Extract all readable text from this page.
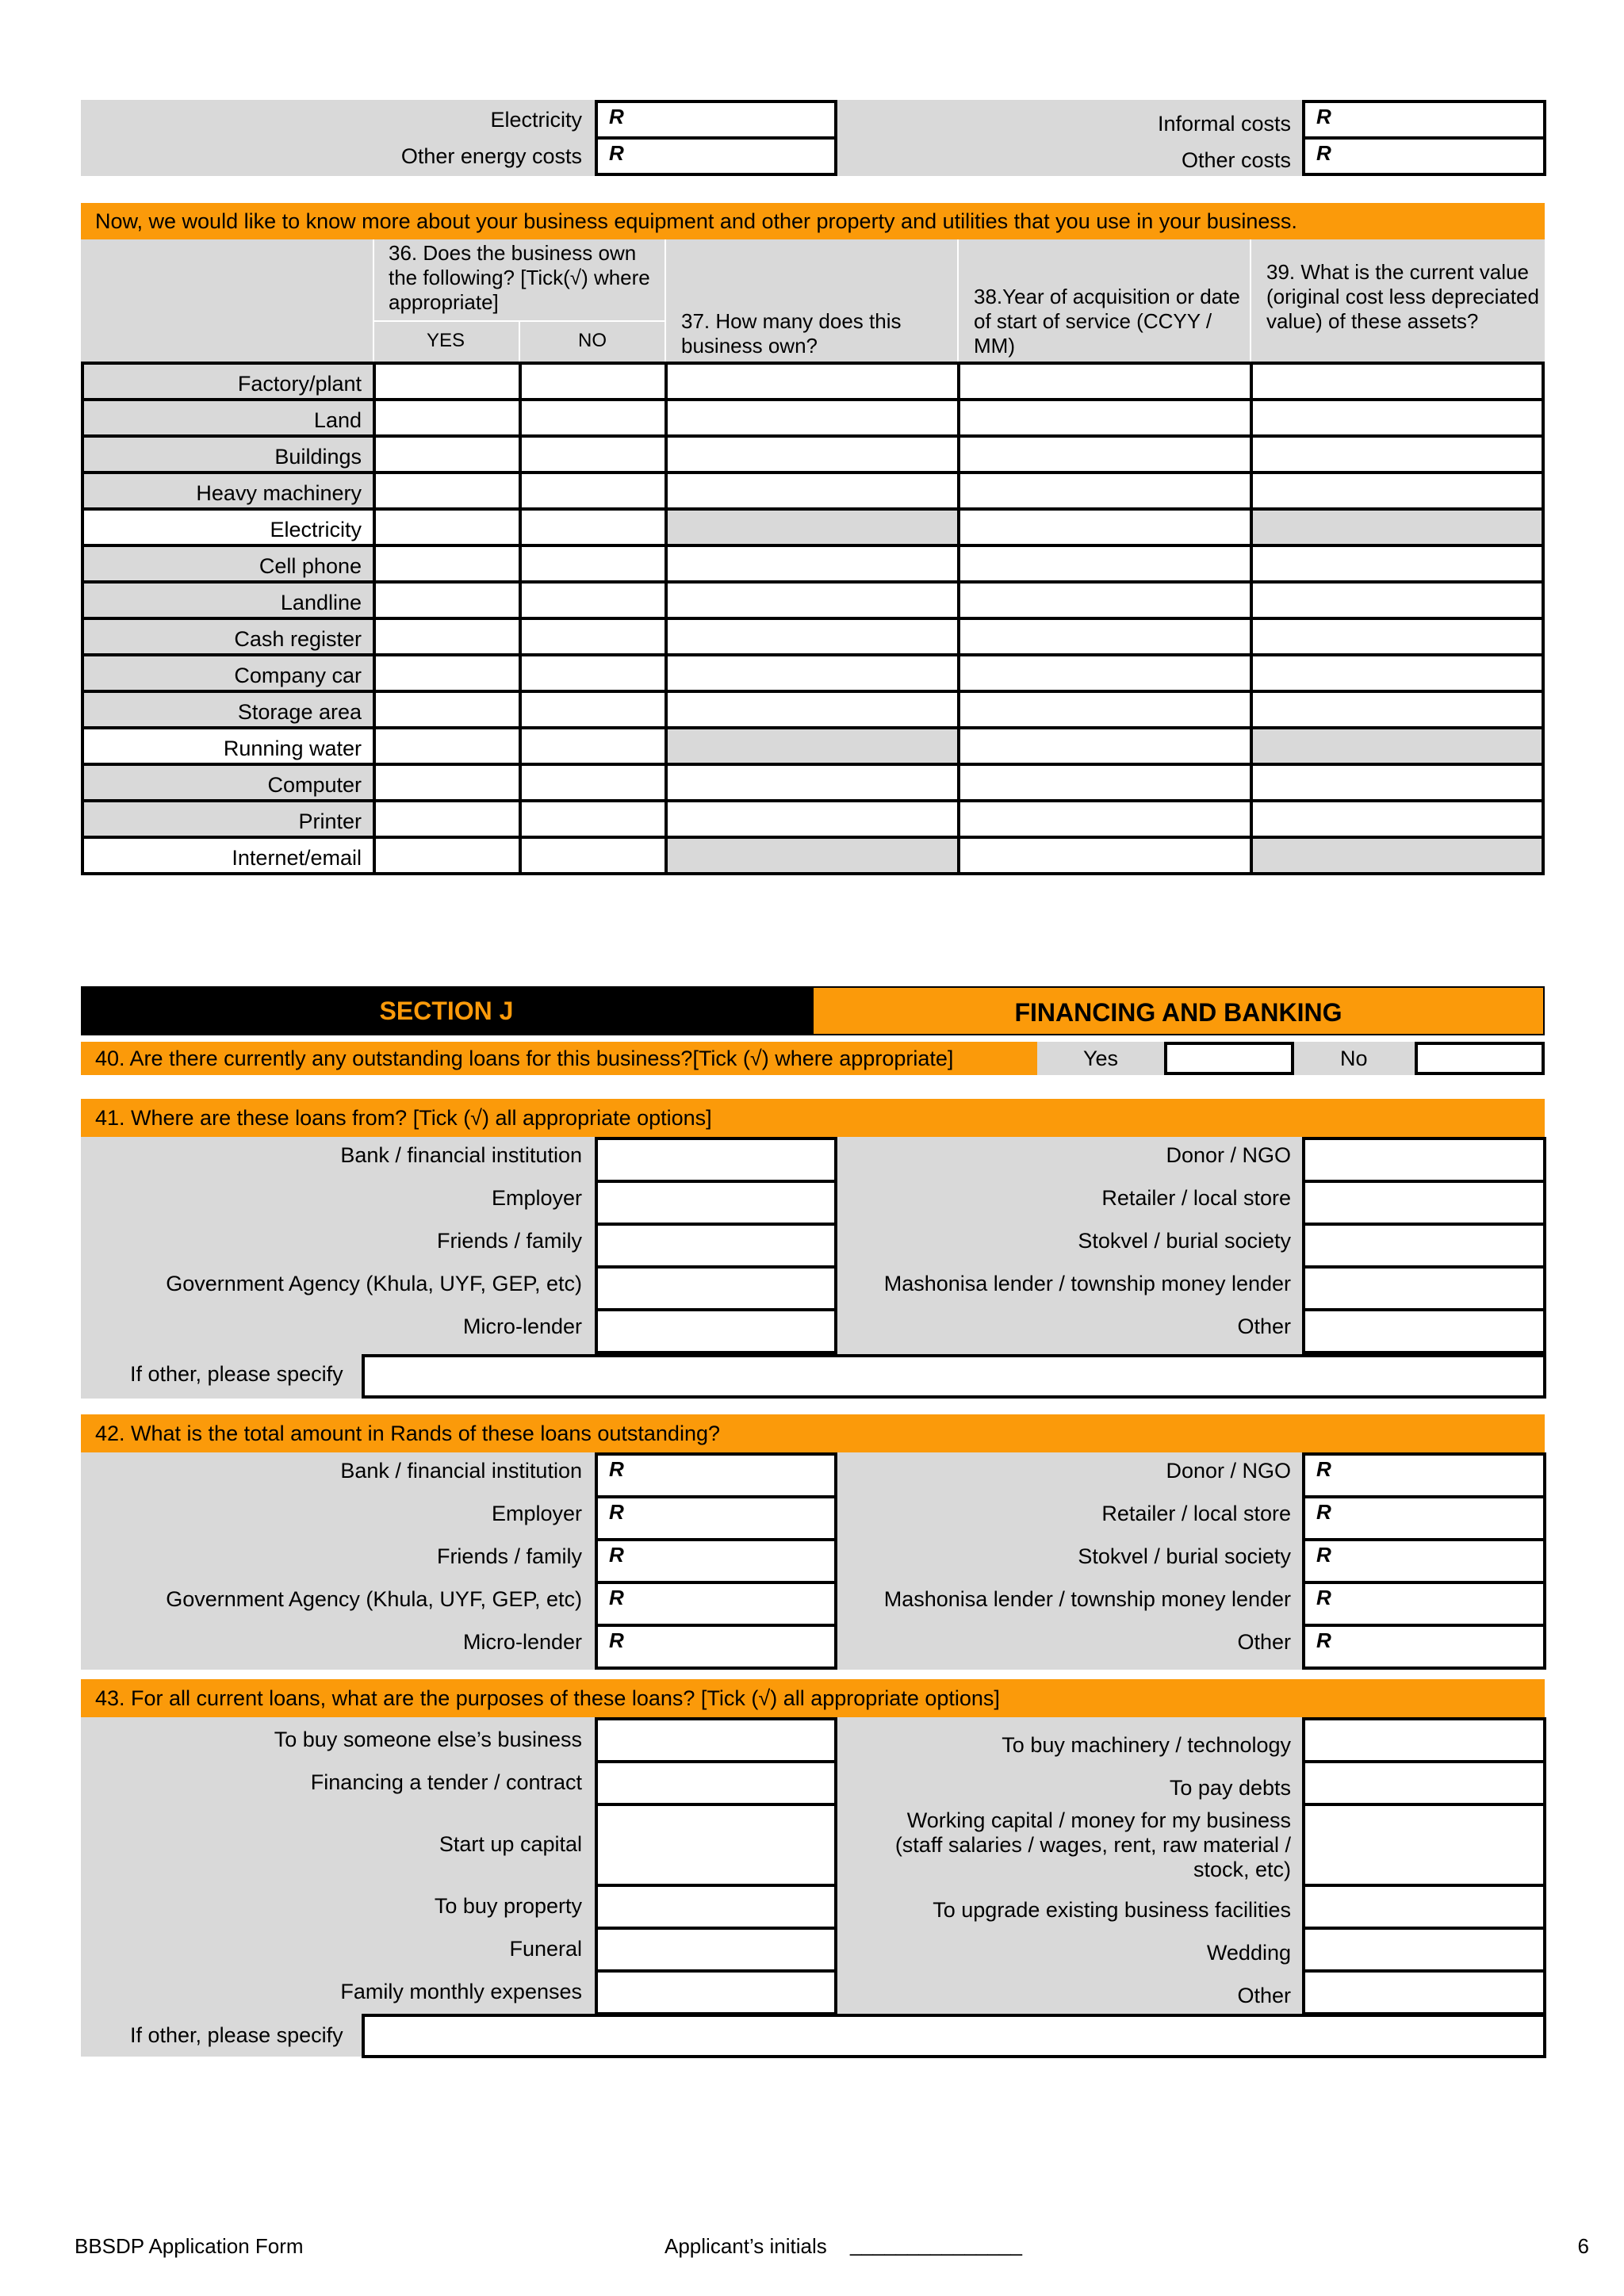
Electricity	R
Other energy costs	R
Informal costs	R
Other costs	R
Now, we would like to know more about your business equipment and other property and utilities that you use in your business.
36. Does the business own the following? [Tick(√) where appropriate]
YES	NO
37. How many does this business own?
38.Year of acquisition or date of start of service (CCYY / MM)
39. What is the current value (original cost less depreciated value) of these assets?
Factory/plant					
Land					
Buildings					
Heavy machinery					
Electricity					
Cell phone					
Landline					
Cash register					
Company car					
Storage area					
Running water					
Computer					
Printer					
Internet/email					
SECTION J	FINANCING AND BANKING
40. Are there currently any outstanding loans for this business?[Tick (√) where appropriate]	Yes	No
41. Where are these loans from? [Tick (√) all appropriate options]
Bank / financial institution
Employer
Friends / family
Government Agency (Khula, UYF, GEP, etc)
Micro-lender
Donor / NGO
Retailer / local store
Stokvel / burial society
Mashonisa lender / township money lender
Other
If other, please specify
42. What is the total amount in Rands of these loans outstanding?
Bank / financial institution	R
Employer	R
Friends / family	R
Government Agency (Khula, UYF, GEP, etc)	R
Micro-lender	R
Donor / NGO	R
Retailer / local store	R
Stokvel / burial society	R
Mashonisa lender / township money lender	R
Other	R
43. For all current loans, what are the purposes of these loans? [Tick (√) all appropriate options]
To buy someone else’s business
Financing a tender / contract
Start up capital
To buy property
Funeral
Family monthly expenses
To buy machinery / technology
To pay debts
Working capital / money for my business
(staff salaries / wages, rent, raw material /
stock, etc)
To upgrade existing business facilities
Wedding
Other
If other, please specify
BBSDP Application Form	Applicant’s initials _______________	6
